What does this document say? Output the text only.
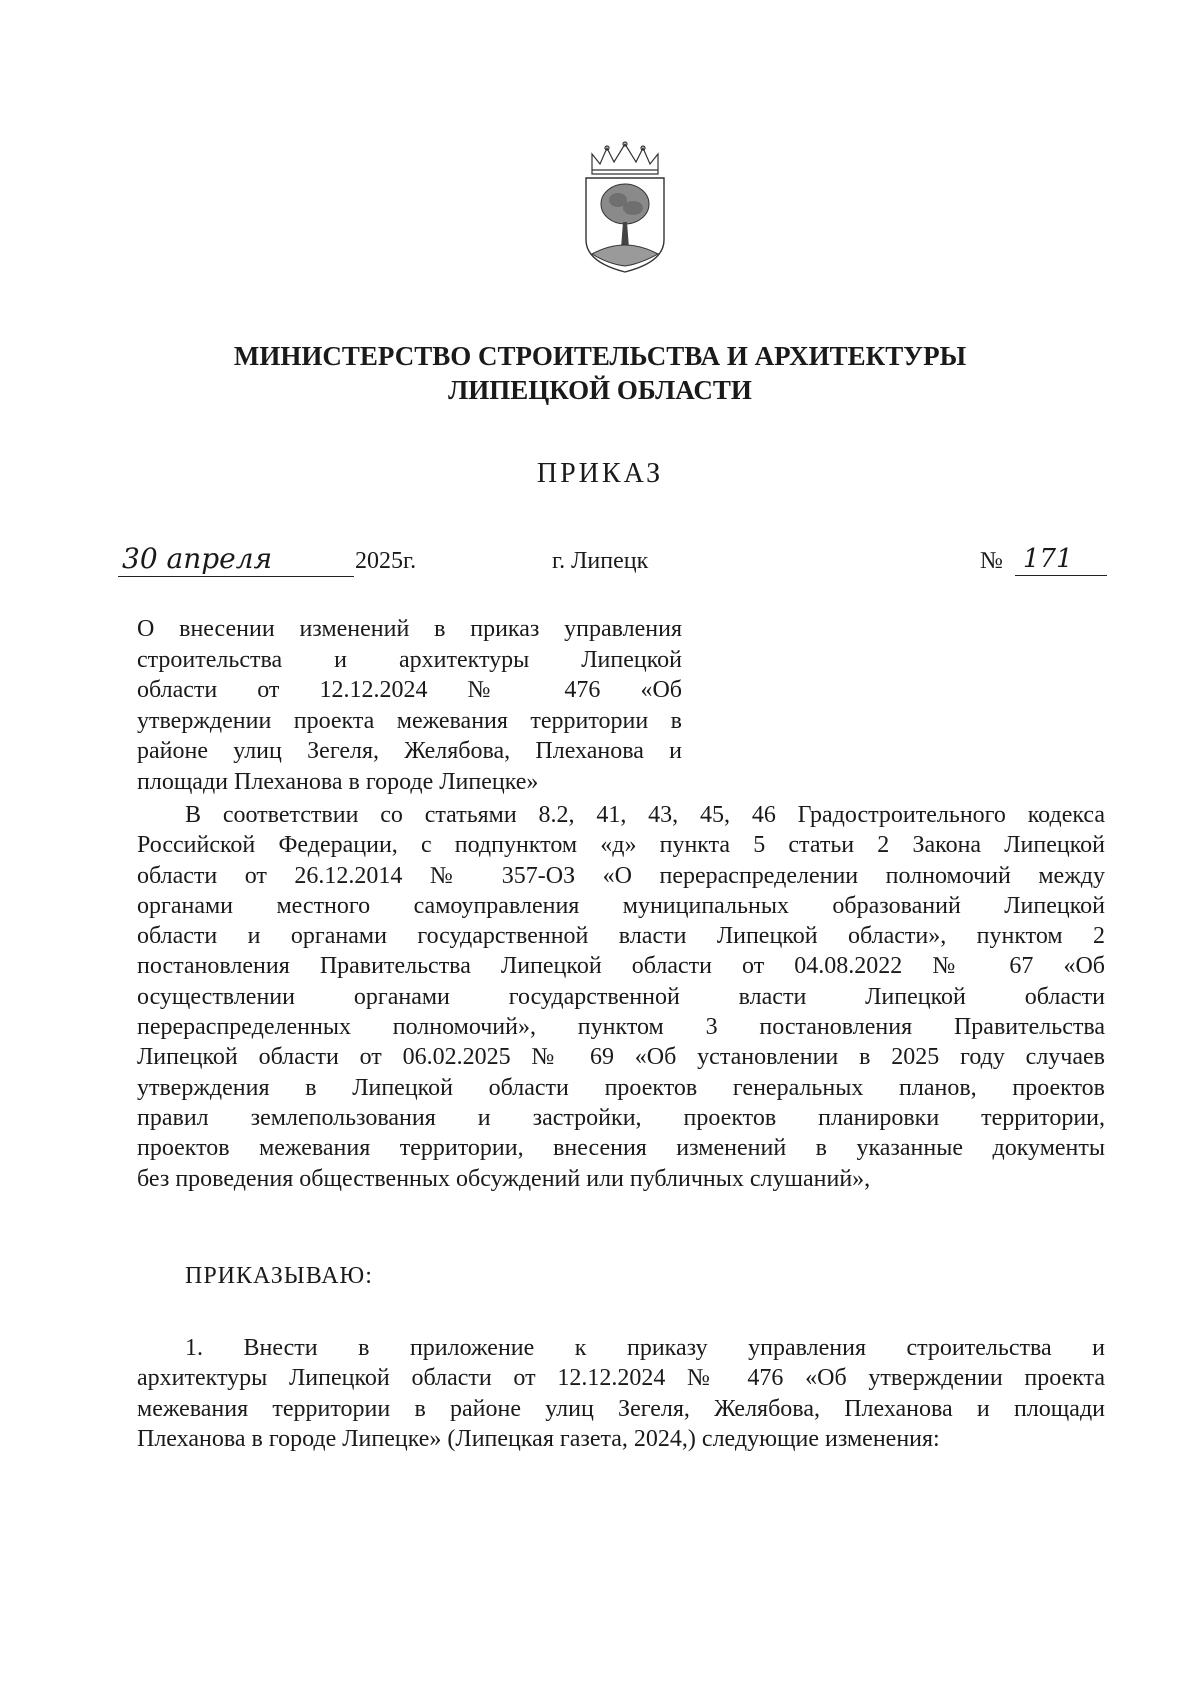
МИНИСТЕРСТВО СТРОИТЕЛЬСТВА И АРХИТЕКТУРЫ
ЛИПЕЦКОЙ ОБЛАСТИ
ПРИКАЗ
30 апреля	2025г.	г. Липецк	№ 171
О внесении изменений в приказ управления
строительства и архитектуры Липецкой
области от 12.12.2024 № 476 «Об
утверждении проекта межевания территории в
районе улиц Зегеля, Желябова, Плеханова и
площади Плеханова в городе Липецке»
В соответствии со статьями 8.2, 41, 43, 45, 46 Градостроительного кодекса
Российской Федерации, с подпунктом «д» пункта 5 статьи 2 Закона Липецкой
области от 26.12.2014 № 357-ОЗ «О перераспределении полномочий между
органами местного самоуправления муниципальных образований Липецкой
области и органами государственной власти Липецкой области», пунктом 2
постановления Правительства Липецкой области от 04.08.2022 № 67 «Об
осуществлении органами государственной власти Липецкой области
перераспределенных полномочий», пунктом 3 постановления Правительства
Липецкой области от 06.02.2025 № 69 «Об установлении в 2025 году случаев
утверждения в Липецкой области проектов генеральных планов, проектов
правил землепользования и застройки, проектов планировки территории,
проектов межевания территории, внесения изменений в указанные документы
без проведения общественных обсуждений или публичных слушаний»,
ПРИКАЗЫВАЮ:
1. Внести в приложение к приказу управления строительства и
архитектуры Липецкой области от 12.12.2024 № 476 «Об утверждении проекта
межевания территории в районе улиц Зегеля, Желябова, Плеханова и площади
Плеханова в городе Липецке» (Липецкая газета, 2024,) следующие изменения:
